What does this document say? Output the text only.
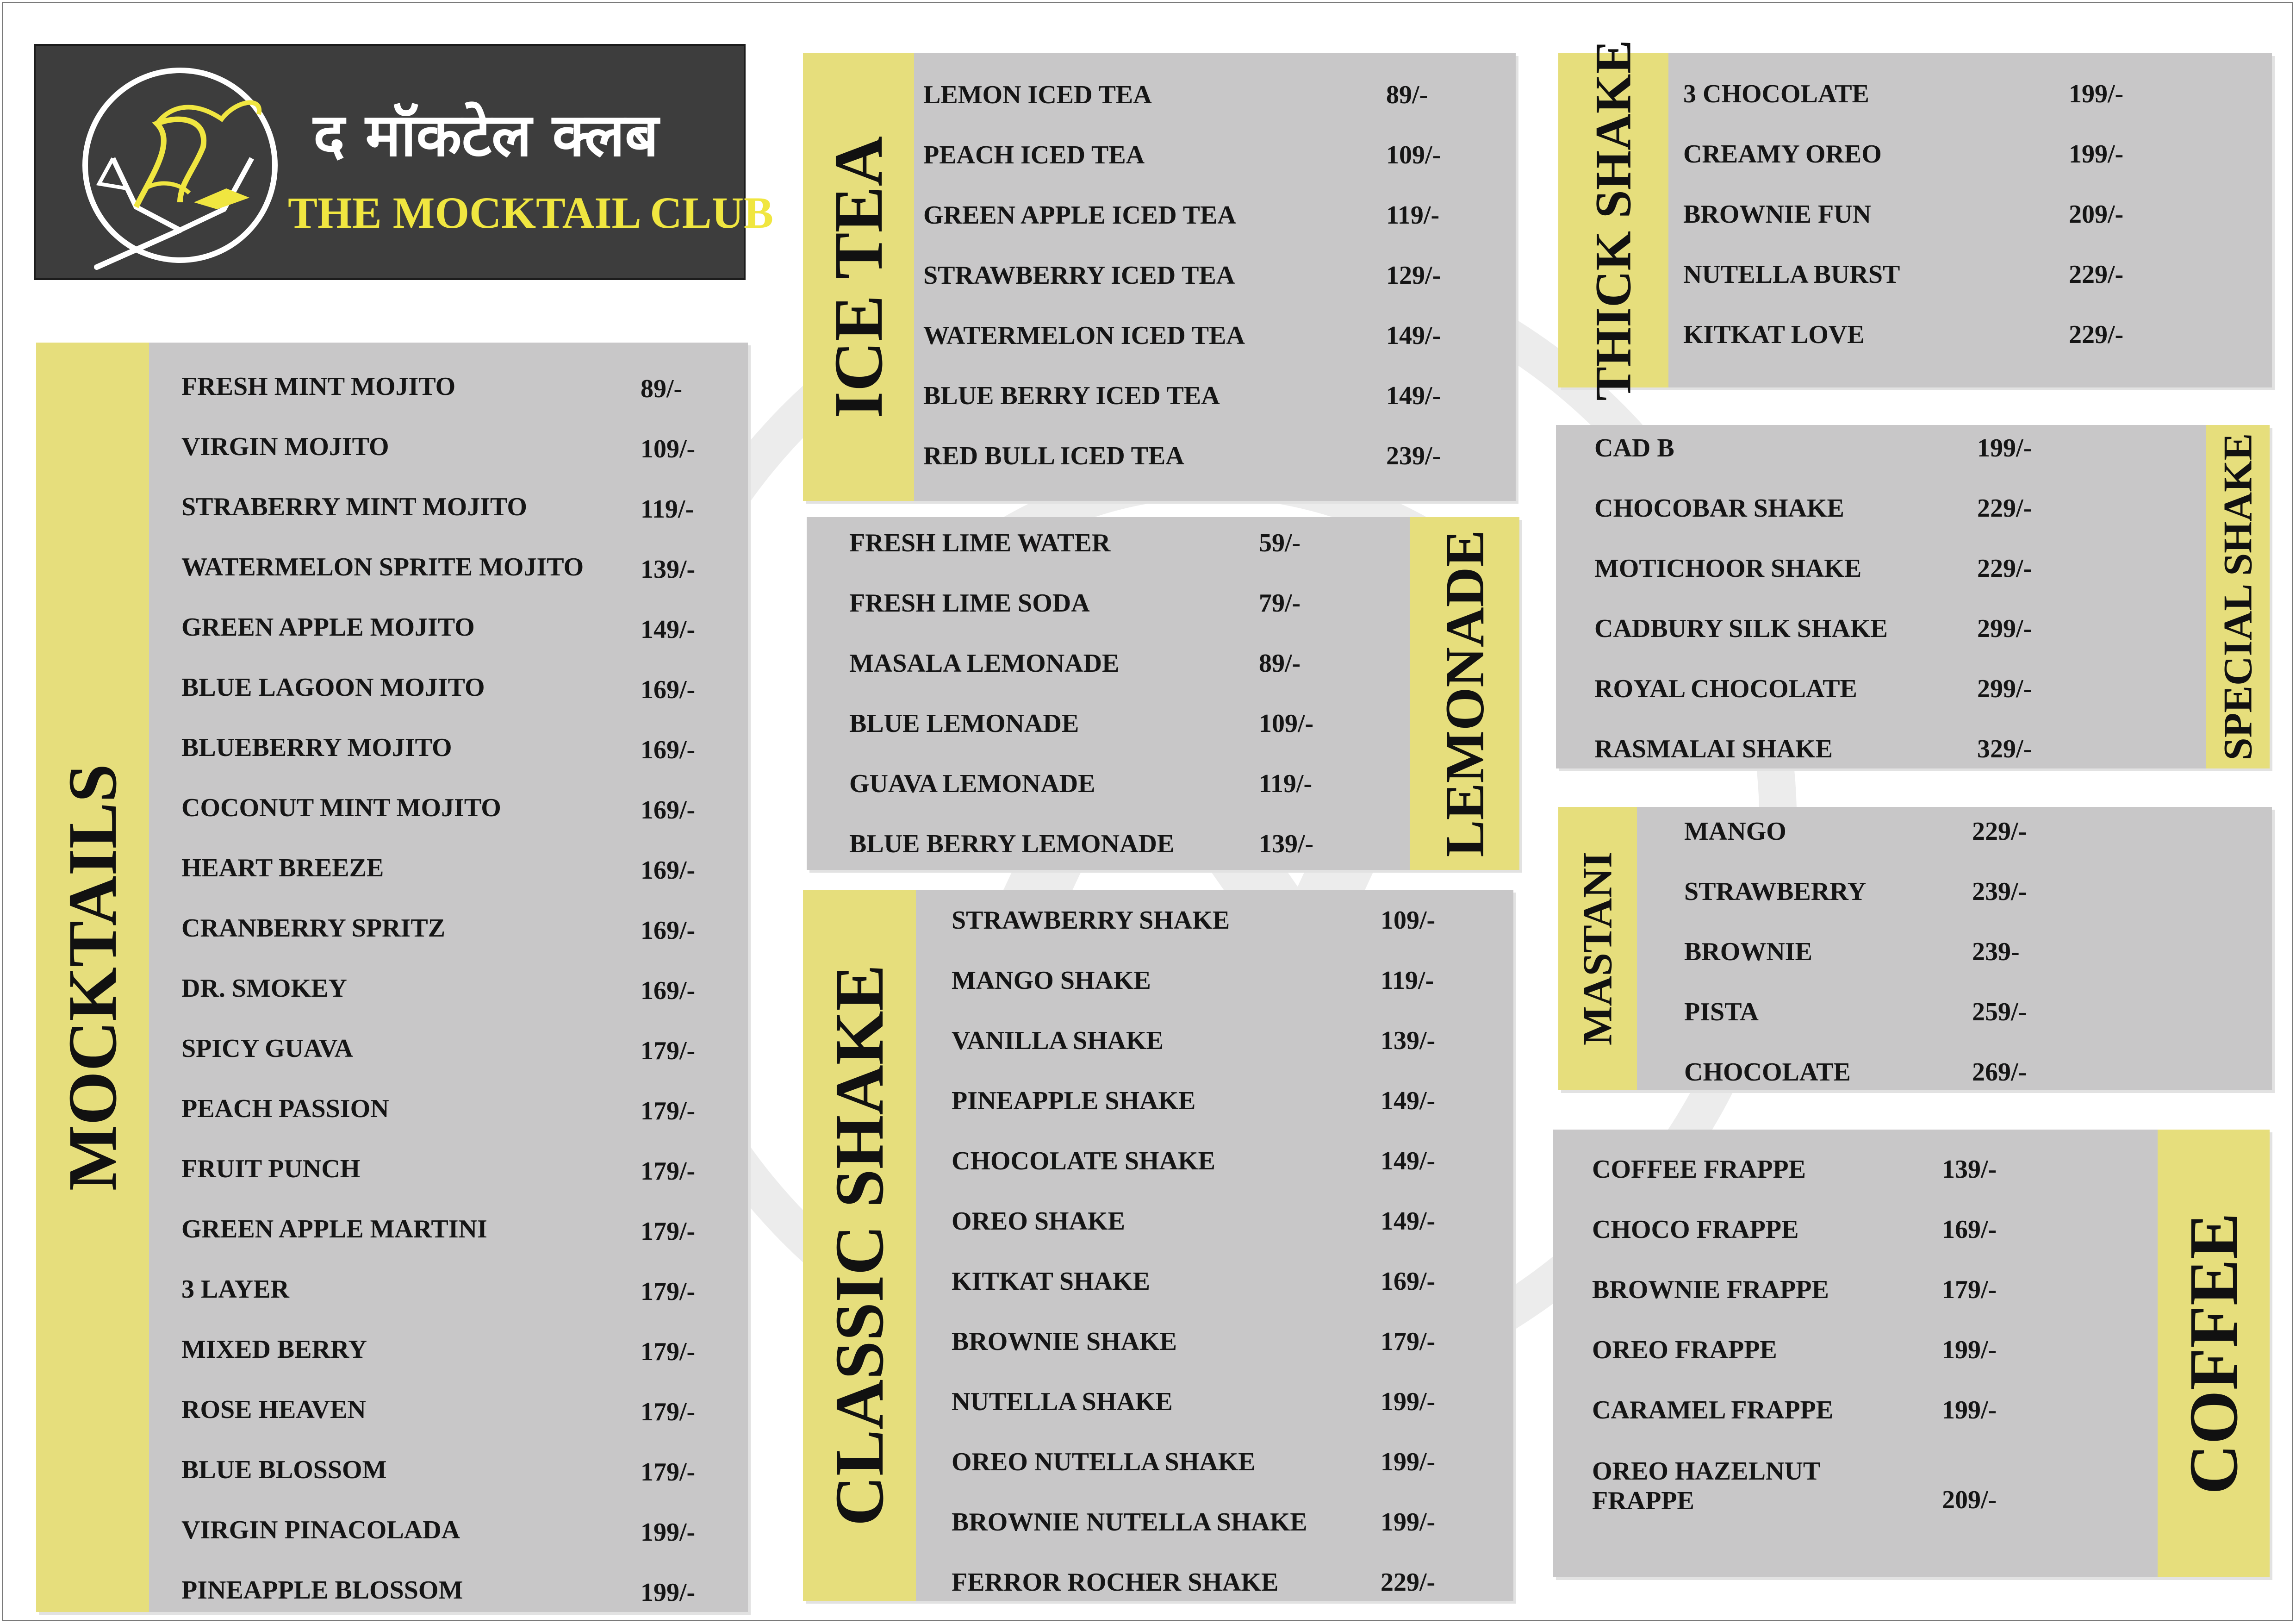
द मॉकटेल क्लब
THE MOCKTAIL CLUB
MOCKTAILS
FRESH MINT MOJITO	89/-
VIRGIN MOJITO	109/-
STRABERRY MINT MOJITO	119/-
WATERMELON SPRITE MOJITO 139/-
GREEN APPLE MOJITO	149/-
BLUE LAGOON MOJITO	169/-
BLUEBERRY MOJITO	169/-
COCONUT MINT MOJITO	169/-
HEART BREEZE	169/-
CRANBERRY SPRITZ	169/-
DR. SMOKEY	169/-
SPICY GUAVA	179/-
PEACH PASSION	179/-
FRUIT PUNCH	179/-
GREEN APPLE MARTINI	179/-
3 LAYER	179/-
MIXED BERRY	179/-
ROSE HEAVEN	179/-
BLUE BLOSSOM	179/-
VIRGIN PINACOLADA	199/-
PINEAPPLE BLOSSOM	199/-
ICE TEA
LEMON ICED TEA	89/-
PEACH ICED TEA	109/-
GREEN APPLE ICED TEA	119/-
STRAWBERRY ICED TEA	129/-
WATERMELON ICED TEA	149/-
BLUE BERRY ICED TEA	149/-
RED BULL ICED TEA	239/-
LEMONADE
FRESH LIME WATER	59/-
FRESH LIME SODA	79/-
MASALA LEMONADE	89/-
BLUE LEMONADE	109/-
GUAVA LEMONADE	119/-
BLUE BERRY LEMONADE	139/-
CLASSIC SHAKE
STRAWBERRY SHAKE	109/-
MANGO SHAKE	119/-
VANILLA SHAKE	139/-
PINEAPPLE SHAKE	149/-
CHOCOLATE SHAKE	149/-
OREO SHAKE	149/-
KITKAT SHAKE	169/-
BROWNIE SHAKE	179/-
NUTELLA SHAKE	199/-
OREO NUTELLA SHAKE	199/-
BROWNIE NUTELLA SHAKE	199/-
FERROR ROCHER SHAKE	229/-
THICK SHAKE 3 CHOCOLATE	199/-
CREAMY OREO	199/-
BROWNIE FUN	209/-
NUTELLA BURST	229/-
KITKAT LOVE	229/-
SPECIAL SHAKE
CAD B	199/-
CHOCOBAR SHAKE	229/-
MOTICHOOR SHAKE	229/-
CADBURY SILK SHAKE	299/-
ROYAL CHOCOLATE	299/-
RASMALAI SHAKE	329/-
MASTANI
MANGO	229/-
STRAWBERRY	239/-
BROWNIE	239-
PISTA	259/-
CHOCOLATE	269/-
COFFEE
COFFEE FRAPPE	139/-
CHOCO FRAPPE	169/-
BROWNIE FRAPPE	179/-
OREO FRAPPE	199/-
CARAMEL FRAPPE	199/-
OREO HAZELNUT
FRAPPE	209/-
